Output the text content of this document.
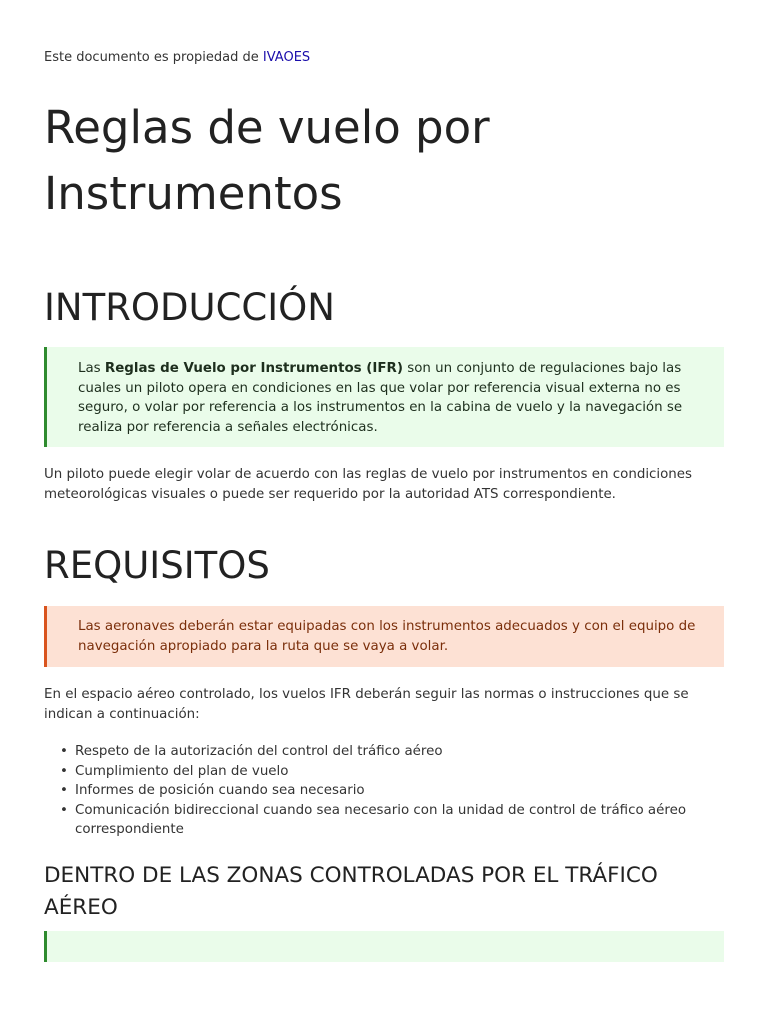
Este documento es propiedad de IVAOES

Reglas de vuelo por Instrumentos
INTRODUCCIÓN
Las Reglas de Vuelo por Instrumentos (IFR) son un conjunto de regulaciones bajo las cuales un piloto opera en condiciones en las que volar por referencia visual externa no es seguro, o volar por referencia a los instrumentos en la cabina de vuelo y la navegación se realiza por referencia a señales electrónicas.

Un piloto puede elegir volar de acuerdo con las reglas de vuelo por instrumentos en condiciones meteorológicas visuales o puede ser requerido por la autoridad ATS correspondiente.

REQUISITOS
Las aeronaves deberán estar equipadas con los instrumentos adecuados y con el equipo de navegación apropiado para la ruta que se vaya a volar.

En el espacio aéreo controlado, los vuelos IFR deberán seguir las normas o instrucciones que se indican a continuación:

• Respeto de la autorización del control del tráfico aéreo
• Cumplimiento del plan de vuelo
• Informes de posición cuando sea necesario
• Comunicación bidireccional cuando sea necesario con la unidad de control de tráfico aéreo correspondiente
DENTRO DE LAS ZONAS CONTROLADAS POR EL TRÁFICO AÉREO
